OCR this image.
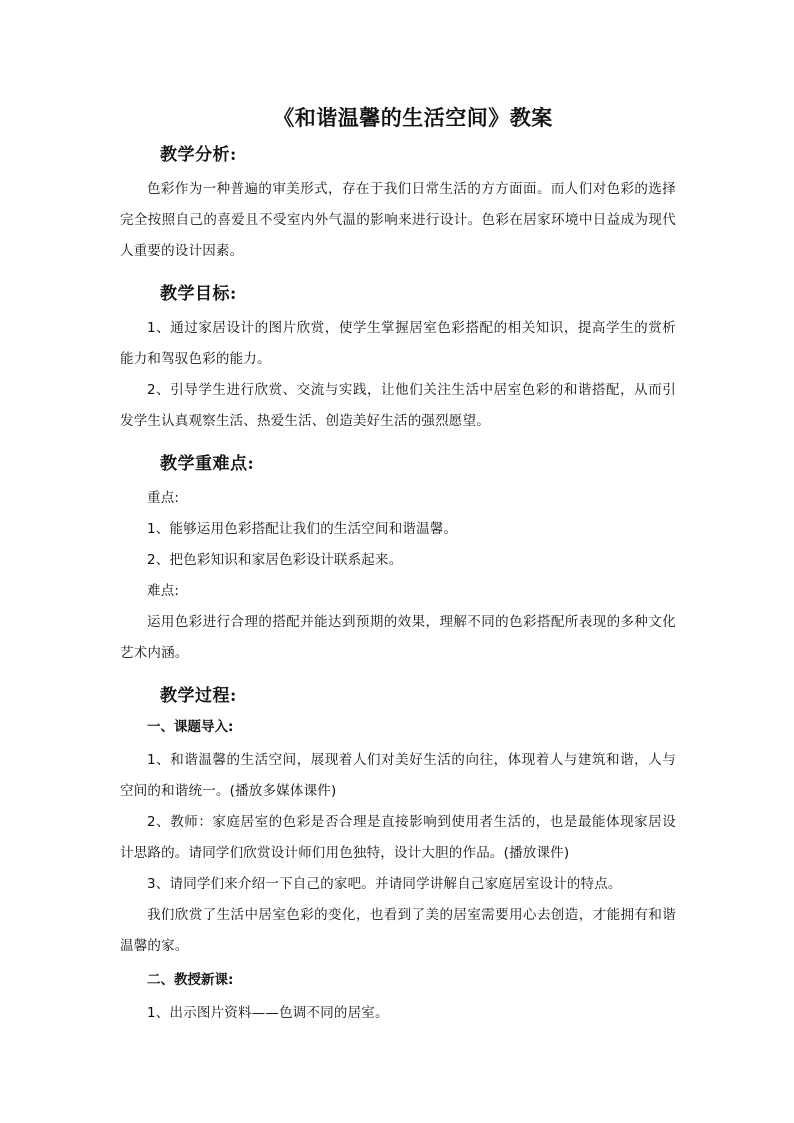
《和谐温馨的生活空间》教案
教学分析:

色彩作为一种普遍的审美形式，存在于我们日常生活的方方面面。而人们对色彩的选择完全按照自己的喜爱且不受室内外气温的影响来进行设计。色彩在居家环境中日益成为现代人重要的设计因素。

教学目标:

1、通过家居设计的图片欣赏，使学生掌握居室色彩搭配的相关知识，提高学生的赏析能力和驾驭色彩的能力。

2、引导学生进行欣赏、交流与实践，让他们关注生活中居室色彩的和谐搭配，从而引发学生认真观察生活、热爱生活、创造美好生活的强烈愿望。

教学重难点:

重点:

1、能够运用色彩搭配让我们的生活空间和谐温馨。

2、把色彩知识和家居色彩设计联系起来。

难点:

运用色彩进行合理的搭配并能达到预期的效果，理解不同的色彩搭配所表现的多种文化艺术内涵。

教学过程:
一、课题导入:

1、和谐温馨的生活空间，展现着人们对美好生活的向往，体现着人与建筑和谐，人与空间的和谐统一。(播放多媒体课件)

2、教师：家庭居室的色彩是否合理是直接影响到使用者生活的，也是最能体现家居设计思路的。请同学们欣赏设计师们用色独特，设计大胆的作品。(播放课件)

3、请同学们来介绍一下自己的家吧。并请同学讲解自己家庭居室设计的特点。

我们欣赏了生活中居室色彩的变化，也看到了美的居室需要用心去创造，才能拥有和谐温馨的家。

二、教授新课:

1、出示图片资料——色调不同的居室。
